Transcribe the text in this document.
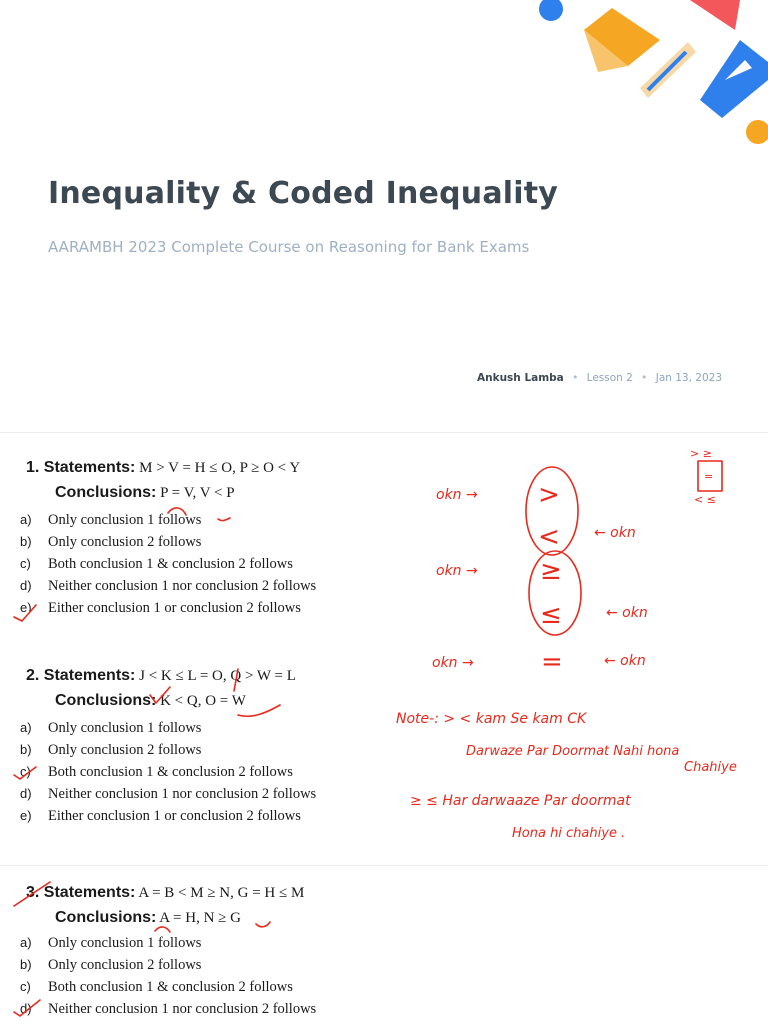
Inequality & Coded Inequality
AARAMBH 2023 Complete Course on Reasoning for Bank Exams
Ankush Lamba • Lesson 2 • Jan 13, 2023
1. Statements: M > V = H ≤ O, P ≥ O < Y
Conclusions: P = V, V < P
a) Only conclusion 1 follows
b) Only conclusion 2 follows
c) Both conclusion 1 & conclusion 2 follows
d) Neither conclusion 1 nor conclusion 2 follows
e) Either conclusion 1 or conclusion 2 follows
2. Statements: J < K ≤ L = O, Q > W = L
Conclusions: K < Q, O = W
a) Only conclusion 1 follows
b) Only conclusion 2 follows
c) Both conclusion 1 & conclusion 2 follows
d) Neither conclusion 1 nor conclusion 2 follows
e) Either conclusion 1 or conclusion 2 follows
> ≥
=
< ≤
>
<
≥
≤
=
okn →
okn →
okn →
← okn
← okn
← okn
Note-: > < kam Se kam CK
Darwaze Par Doormat Nahi hona
Chahiye
≥ ≤ Har darwaaze Par doormat
Hona hi chahiye .
3. Statements: A = B < M ≥ N, G = H ≤ M
Conclusions: A = H, N ≥ G
a) Only conclusion 1 follows
b) Only conclusion 2 follows
c) Both conclusion 1 & conclusion 2 follows
d) Neither conclusion 1 nor conclusion 2 follows
